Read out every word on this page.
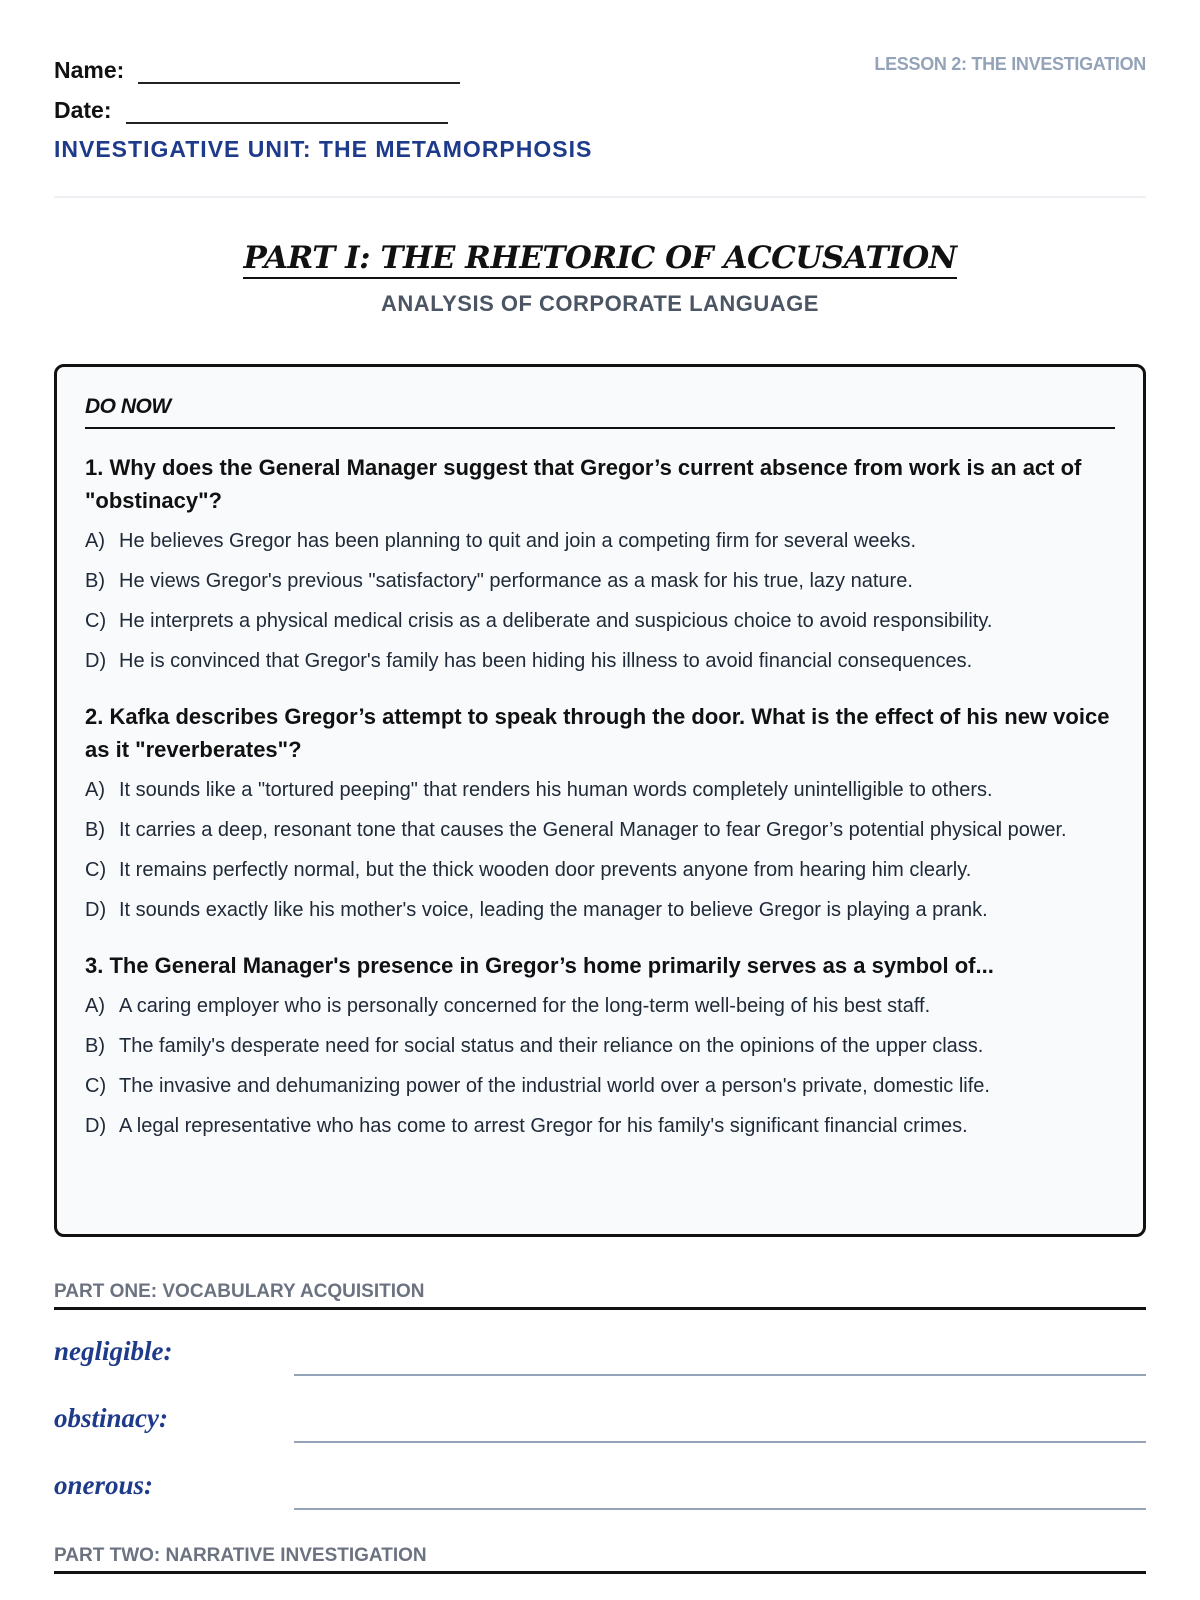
Name:
Date:
INVESTIGATIVE UNIT: THE METAMORPHOSIS
LESSON 2: THE INVESTIGATION
PART I: THE RHETORIC OF ACCUSATION
ANALYSIS OF CORPORATE LANGUAGE
DO NOW
1. Why does the General Manager suggest that Gregor’s current absence from work is an act of "obstinacy"?
A) He believes Gregor has been planning to quit and join a competing firm for several weeks.
B) He views Gregor's previous "satisfactory" performance as a mask for his true, lazy nature.
C) He interprets a physical medical crisis as a deliberate and suspicious choice to avoid responsibility.
D) He is convinced that Gregor's family has been hiding his illness to avoid financial consequences.
2. Kafka describes Gregor’s attempt to speak through the door. What is the effect of his new voice as it "reverberates"?
A) It sounds like a "tortured peeping" that renders his human words completely unintelligible to others.
B) It carries a deep, resonant tone that causes the General Manager to fear Gregor’s potential physical power.
C) It remains perfectly normal, but the thick wooden door prevents anyone from hearing him clearly.
D) It sounds exactly like his mother's voice, leading the manager to believe Gregor is playing a prank.
3. The General Manager's presence in Gregor’s home primarily serves as a symbol of...
A) A caring employer who is personally concerned for the long-term well-being of his best staff.
B) The family's desperate need for social status and their reliance on the opinions of the upper class.
C) The invasive and dehumanizing power of the industrial world over a person's private, domestic life.
D) A legal representative who has come to arrest Gregor for his family's significant financial crimes.
PART ONE: VOCABULARY ACQUISITION
negligible:
obstinacy:
onerous:
PART TWO: NARRATIVE INVESTIGATION
